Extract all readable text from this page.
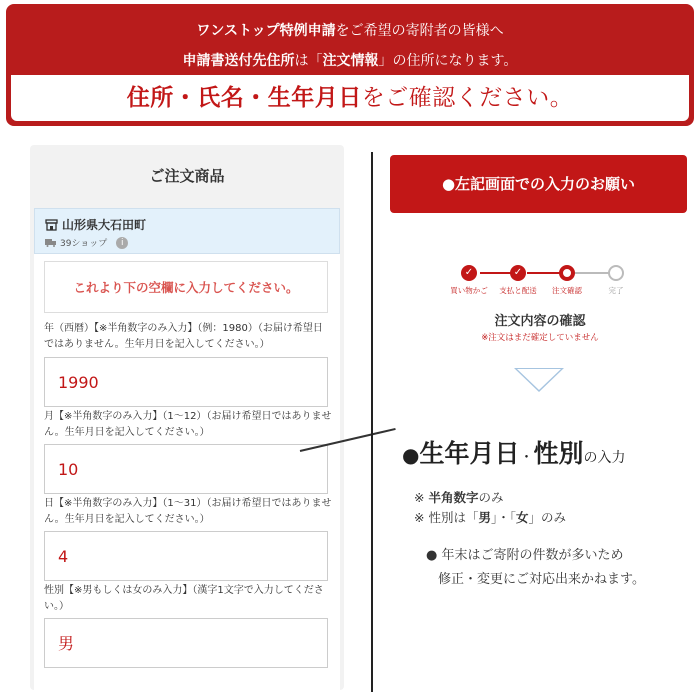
ワンストップ特例申請をご希望の寄附者の皆様へ
申請書送付先住所は「注文情報」の住所になります。
住所・氏名・生年月日をご確認ください。
ご注文商品
山形県大石田町
39ショップ	i
これより下の空欄に入力してください。
年（西暦）【※半角数字のみ入力】（例：1980）（お届け希望日ではありません。生年月日を記入してください。）
1990
月【※半角数字のみ入力】（1〜12）（お届け希望日ではありません。生年月日を記入してください。）
10
日【※半角数字のみ入力】（1〜31）（お届け希望日ではありません。生年月日を記入してください。）
4
性別【※男もしくは女のみ入力】（漢字1文字で入力してください。）
男
●左記画面での入力のお願い
✓
買い物かご
✓
支払と配送	注文確認	完了
注文内容の確認
※注文はまだ確定していません
●生年月日・性別の入力
※ 半角数字のみ
※ 性別は「男」・「女」のみ
● 年末はご寄附の件数が多いため
修正・変更にご対応出来かねます。
